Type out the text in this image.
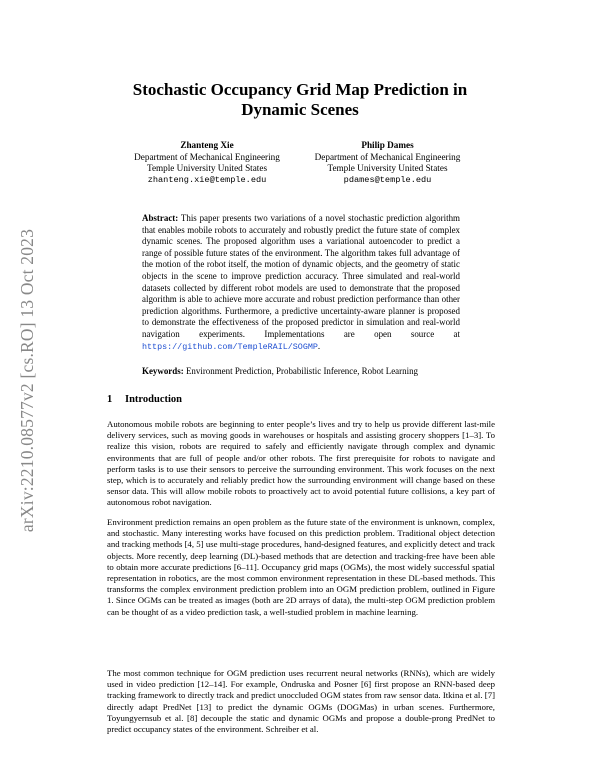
arXiv:2210.08577v2 [cs.RO] 13 Oct 2023
Stochastic Occupancy Grid Map Prediction in Dynamic Scenes
Zhanteng Xie
Department of Mechanical Engineering
Temple University United States
zhanteng.xie@temple.edu
Philip Dames
Department of Mechanical Engineering
Temple University United States
pdames@temple.edu
Abstract: This paper presents two variations of a novel stochastic prediction algorithm that enables mobile robots to accurately and robustly predict the future state of complex dynamic scenes. The proposed algorithm uses a variational autoencoder to predict a range of possible future states of the environment. The algorithm takes full advantage of the motion of the robot itself, the motion of dynamic objects, and the geometry of static objects in the scene to improve prediction accuracy. Three simulated and real-world datasets collected by different robot models are used to demonstrate that the proposed algorithm is able to achieve more accurate and robust prediction performance than other prediction algorithms. Furthermore, a predictive uncertainty-aware planner is proposed to demonstrate the effectiveness of the proposed predictor in simulation and real-world navigation experiments. Implementations are open source at https://github.com/TempleRAIL/SOGMP.
Keywords: Environment Prediction, Probabilistic Inference, Robot Learning
1 Introduction
Autonomous mobile robots are beginning to enter people’s lives and try to help us provide different last-mile delivery services, such as moving goods in warehouses or hospitals and assisting grocery shoppers [1–3]. To realize this vision, robots are required to safely and efficiently navigate through complex and dynamic environments that are full of people and/or other robots. The first prerequisite for robots to navigate and perform tasks is to use their sensors to perceive the surrounding environment. This work focuses on the next step, which is to accurately and reliably predict how the surrounding environment will change based on these sensor data. This will allow mobile robots to proactively act to avoid potential future collisions, a key part of autonomous robot navigation.
Environment prediction remains an open problem as the future state of the environment is unknown, complex, and stochastic. Many interesting works have focused on this prediction problem. Traditional object detection and tracking methods [4, 5] use multi-stage procedures, hand-designed features, and explicitly detect and track objects. More recently, deep learning (DL)-based methods that are detection and tracking-free have been able to obtain more accurate predictions [6–11]. Occupancy grid maps (OGMs), the most widely successful spatial representation in robotics, are the most common environment representation in these DL-based methods. This transforms the complex environment prediction problem into an OGM prediction problem, outlined in Figure 1. Since OGMs can be treated as images (both are 2D arrays of data), the multi-step OGM prediction problem can be thought of as a video prediction task, a well-studied problem in machine learning.
The most common technique for OGM prediction uses recurrent neural networks (RNNs), which are widely used in video prediction [12–14]. For example, Ondruska and Posner [6] first propose an RNN-based deep tracking framework to directly track and predict unoccluded OGM states from raw sensor data. Itkina et al. [7] directly adapt PredNet [13] to predict the dynamic OGMs (DOGMas) in urban scenes. Furthermore, Toyungyernsub et al. [8] decouple the static and dynamic OGMs and propose a double-prong PredNet to predict occupancy states of the environment. Schreiber et al.
